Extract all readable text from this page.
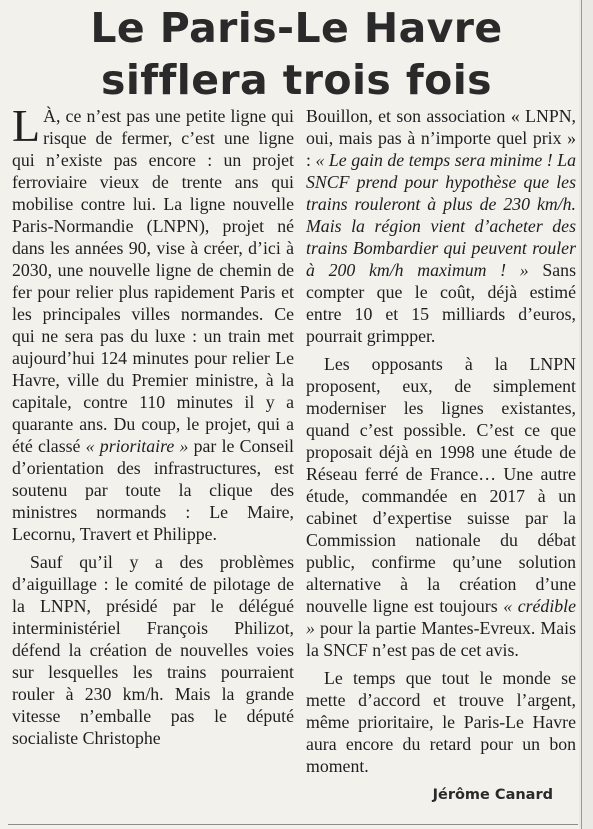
Le Paris-Le Havre
sifflera trois fois

L À, ce n’est pas une petite ligne qui risque de fermer, c’est une ligne qui n’existe pas encore : un projet ferroviaire vieux de trente ans qui mobilise contre lui. La ligne nouvelle Paris-Normandie (LNPN), projet né dans les années 90, vise à créer, d’ici à 2030, une nouvelle ligne de chemin de fer pour relier plus rapidement Paris et les principales villes normandes. Ce qui ne sera pas du luxe : un train met aujourd’hui 124 minutes pour relier Le Havre, ville du Premier ministre, à la capitale, contre 110 minutes il y a quarante ans. Du coup, le projet, qui a été classé « prioritaire » par le Conseil d’orientation des infrastructures, est soutenu par toute la clique des ministres normands : Le Maire, Lecornu, Travert et Philippe.

Sauf qu’il y a des problèmes d’aiguillage : le comité de pilotage de la LNPN, présidé par le délégué interministériel François Philizot, défend la création de nouvelles voies sur lesquelles les trains pourraient rouler à 230 km/h. Mais la grande vitesse n’emballe pas le député socialiste Christophe

Bouillon, et son association « LNPN, oui, mais pas à n’importe quel prix » : « Le gain de temps sera minime ! La SNCF prend pour hypothèse que les trains rouleront à plus de 230 km/h. Mais la région vient d’acheter des trains Bombardier qui peuvent rouler à 200 km/h maximum ! » Sans compter que le coût, déjà estimé entre 10 et 15 milliards d’euros, pourrait grimpper.

Les opposants à la LNPN proposent, eux, de simplement moderniser les lignes existantes, quand c’est possible. C’est ce que proposait déjà en 1998 une étude de Réseau ferré de France… Une autre étude, commandée en 2017 à un cabinet d’expertise suisse par la Commission nationale du débat public, confirme qu’une solution alternative à la création d’une nouvelle ligne est toujours « crédible » pour la partie Mantes-Evreux. Mais la SNCF n’est pas de cet avis.

Le temps que tout le monde se mette d’accord et trouve l’argent, même prioritaire, le Paris-Le Havre aura encore du retard pour un bon moment.

Jérôme Canard
